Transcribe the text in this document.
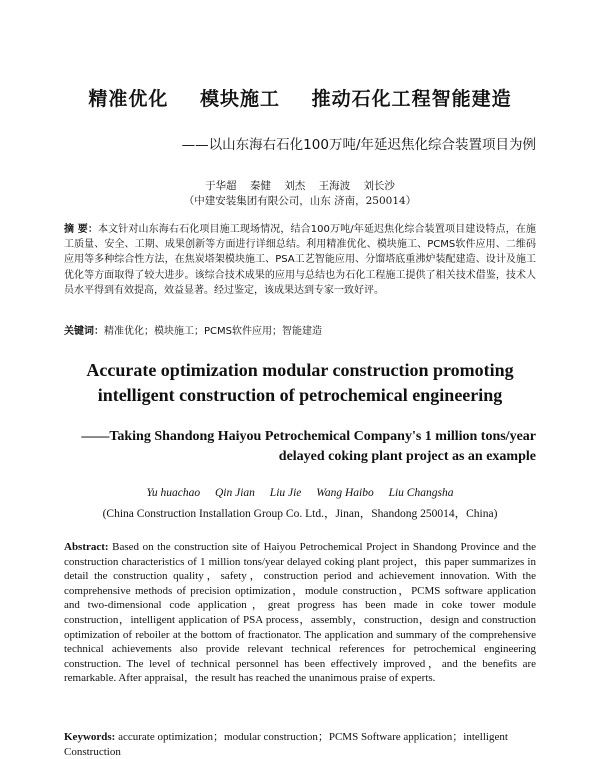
精准优化 模块施工 推动石化工程智能建造
——以山东海右石化100万吨/年延迟焦化综合装置项目为例
于华超 秦健 刘杰 王海波 刘长沙
（中建安装集团有限公司，山东 济南，250014）
摘 要：本文针对山东海右石化项目施工现场情况，结合100万吨/年延迟焦化综合装置项目建设特点，在施工质量、安全、工期、成果创新等方面进行详细总结。利用精准优化、模块施工、PCMS软件应用、二维码应用等多种综合性方法，在焦炭塔架模块施工、PSA工艺智能应用、分馏塔底重沸炉装配建造、设计及施工优化等方面取得了较大进步。该综合技术成果的应用与总结也为石化工程施工提供了相关技术借鉴，技术人员水平得到有效提高，效益显著。经过鉴定，该成果达到专家一致好评。
关键词：精准优化；模块施工；PCMS软件应用；智能建造
Accurate optimization modular construction promoting
intelligent construction of petrochemical engineering
——Taking Shandong Haiyou Petrochemical Company's 1 million tons/year
delayed coking plant project as an example
Yu huachao Qin Jian Liu Jie Wang Haibo Liu Changsha
(China Construction Installation Group Co. Ltd.，Jinan，Shandong 250014，China)
Abstract: Based on the construction site of Haiyou Petrochemical Project in Shandong Province and the construction characteristics of 1 million tons/year delayed coking plant project，this paper summarizes in detail the construction quality，safety，construction period and achievement innovation. With the comprehensive methods of precision optimization，module construction，PCMS software application and two-dimensional code application，great progress has been made in coke tower module construction，intelligent application of PSA process，assembly，construction，design and construction optimization of reboiler at the bottom of fractionator. The application and summary of the comprehensive technical achievements also provide relevant technical references for petrochemical engineering construction. The level of technical personnel has been effectively improved，and the benefits are remarkable. After appraisal，the result has reached the unanimous praise of experts.
Keywords: accurate optimization；modular construction；PCMS Software application；intelligent Construction
